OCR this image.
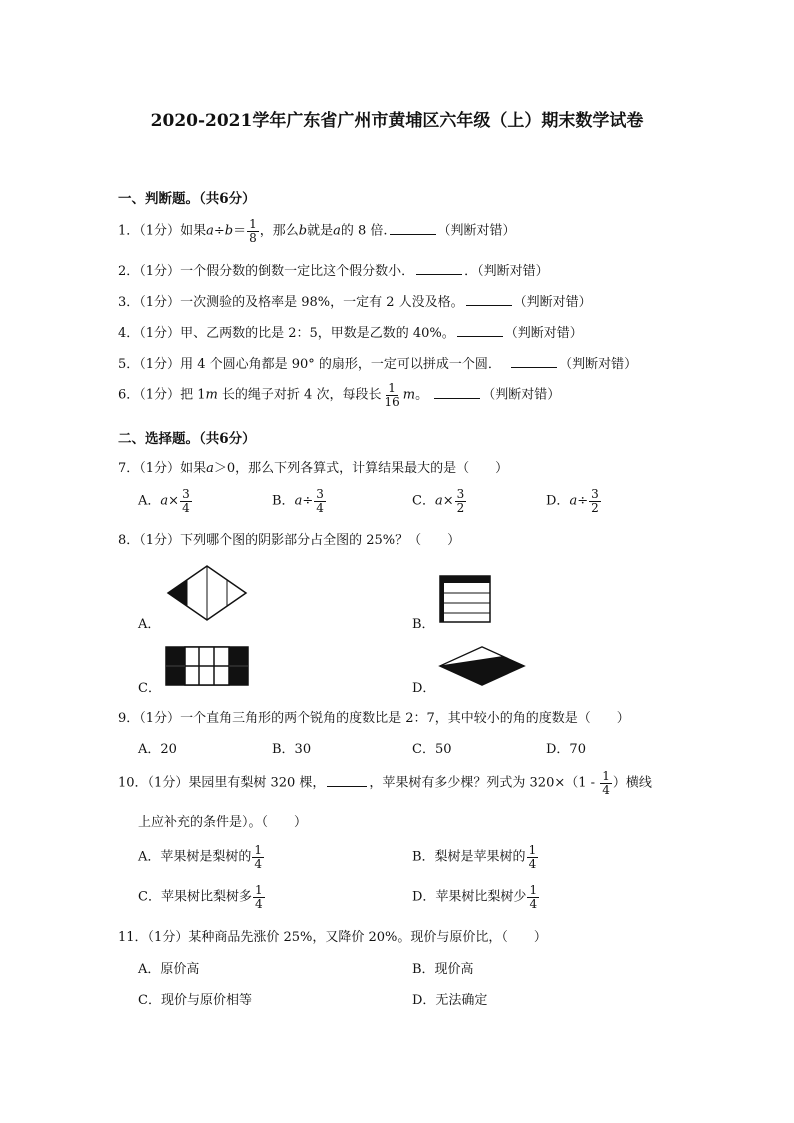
2020-2021学年广东省广州市黄埔区六年级（上）期末数学试卷
一、判断题。（共6分）
1．（1分）如果$a\div b= \frac{1}{8}$ ，那么b就是a的 8 倍.	（判断对错）
2．（1分）一个假分数的倒数一定比这个假分数小．	．（判断对错）
3．（1分）一次测验的及格率是 98%，一定有 2 人没及格。	（判断对错）
4．（1分）甲、乙两数的比是 2：5，甲数是乙数的 40%。	（判断对错）
5．（1分）用 4 个圆心角都是 90° 的扇形，一定可以拼成一个圆．	（判断对错）
6．（1分）把 1m 长的绳子对折 4 次，每段长 $\frac{1}{16}$ m。	（判断对错）
二、选择题。（共6分）
7．（1分）如果a＞0，那么下列各算式，计算结果最大的是（　　）
A．$a\times \frac{3}{4}$	B．$a\div \frac{3}{4}$	C．$a\times \frac{3}{2}$	D．$a\div \frac{3}{2}$
8．（1分）下列哪个图的阴影部分占全图的 25%？（　　）
A．	B．
C．	D．
9．（1分）一个直角三角形的两个锐角的度数比是 2：7，其中较小的角的度数是（　　）
A．20	B．30	C．50	D．70
10．（1分）果园里有梨树 320 棵，	，苹果树有多少棵？列式为 $320\times(1 - \frac{1}{4}$ ）横线
上应补充的条件是）。（　　）
A．苹果树是梨树的 $\frac{1}{4}$	B．梨树是苹果树的 $\frac{1}{4}$
C．苹果树比梨树多 $\frac{1}{4}$	D．苹果树比梨树少 $\frac{1}{4}$
11．（1分）某种商品先涨价 25%，又降价 20%。现价与原价比，（　　）
A．原价高	B．现价高
C．现价与原价相等	D．无法确定
